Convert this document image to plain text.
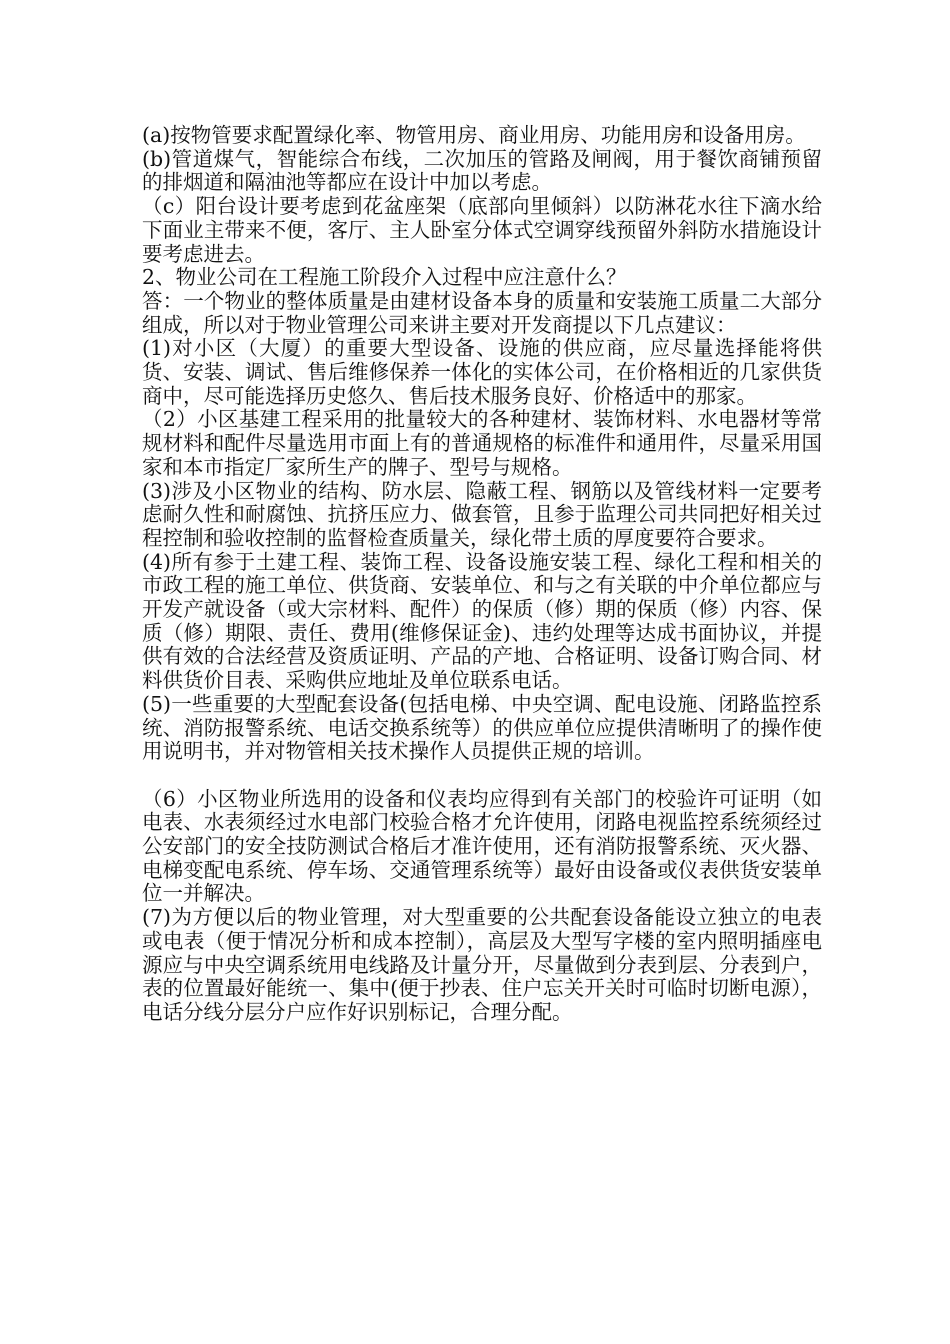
(a)按物管要求配置绿化率、物管用房、商业用房、功能用房和设备用房。

(b)管道煤气，智能综合布线，二次加压的管路及闸阀，用于餐饮商铺预留的排烟道和隔油池等都应在设计中加以考虑。

（c）阳台设计要考虑到花盆座架（底部向里倾斜）以防淋花水往下滴水给下面业主带来不便，客厅、主人卧室分体式空调穿线预留外斜防水措施设计要考虑进去。

2、物业公司在工程施工阶段介入过程中应注意什么？

答：一个物业的整体质量是由建材设备本身的质量和安装施工质量二大部分组成，所以对于物业管理公司来讲主要对开发商提以下几点建议：

(1)对小区（大厦）的重要大型设备、设施的供应商，应尽量选择能将供货、安装、调试、售后维修保养一体化的实体公司，在价格相近的几家供货商中，尽可能选择历史悠久、售后技术服务良好、价格适中的那家。

（2）小区基建工程采用的批量较大的各种建材、装饰材料、水电器材等常规材料和配件尽量选用市面上有的普通规格的标准件和通用件，尽量采用国家和本市指定厂家所生产的牌子、型号与规格。

(3)涉及小区物业的结构、防水层、隐蔽工程、钢筋以及管线材料一定要考虑耐久性和耐腐蚀、抗挤压应力、做套管，且参于监理公司共同把好相关过程控制和验收控制的监督检查质量关，绿化带土质的厚度要符合要求。

(4)所有参于土建工程、装饰工程、设备设施安装工程、绿化工程和相关的市政工程的施工单位、供货商、安装单位、和与之有关联的中介单位都应与开发产就设备（或大宗材料、配件）的保质（修）期的保质（修）内容、保质（修）期限、责任、费用(维修保证金)、违约处理等达成书面协议，并提供有效的合法经营及资质证明、产品的产地、合格证明、设备订购合同、材料供货价目表、采购供应地址及单位联系电话。

(5)一些重要的大型配套设备(包括电梯、中央空调、配电设施、闭路监控系统、消防报警系统、电话交换系统等）的供应单位应提供清晰明了的操作使用说明书，并对物管相关技术操作人员提供正规的培训。

（6）小区物业所选用的设备和仪表均应得到有关部门的校验许可证明（如电表、水表须经过水电部门校验合格才允许使用，闭路电视监控系统须经过公安部门的安全技防测试合格后才准许使用，还有消防报警系统、灭火器、电梯变配电系统、停车场、交通管理系统等）最好由设备或仪表供货安装单位一并解决。

(7)为方便以后的物业管理，对大型重要的公共配套设备能设立独立的电表或电表（便于情况分析和成本控制），高层及大型写字楼的室内照明插座电源应与中央空调系统用电线路及计量分开，尽量做到分表到层、分表到户，表的位置最好能统一、集中(便于抄表、住户忘关开关时可临时切断电源），电话分线分层分户应作好识别标记，合理分配。
